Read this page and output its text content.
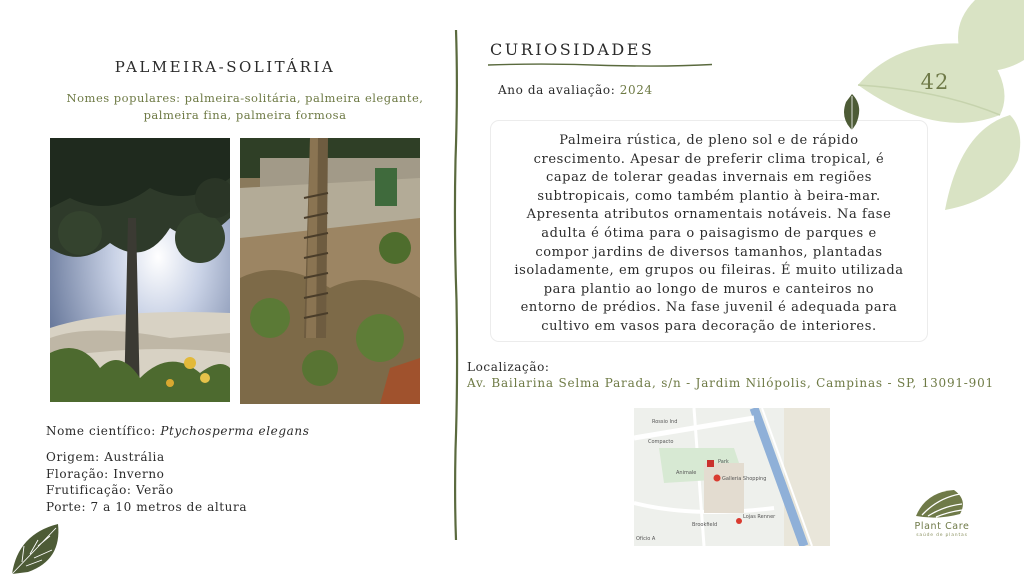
PALMEIRA-SOLITÁRIA
Nomes populares: palmeira-solitária, palmeira elegante,
palmeira fina, palmeira formosa
Nome científico: Ptychosperma elegans
Origem: Austrália
Floração: Inverno
Frutificação: Verão
Porte: 7 a 10 metros de altura
CURIOSIDADES
Ano da avaliação: 2024
Palmeira rústica, de pleno sol e de rápido
crescimento. Apesar de preferir clima tropical, é
capaz de tolerar geadas invernais em regiões
subtropicais, como também plantio à beira-mar.
Apresenta atributos ornamentais notáveis. Na fase
adulta é ótima para o paisagismo de parques e
compor jardins de diversos tamanhos, plantadas
isoladamente, em grupos ou fileiras. É muito utilizada
para plantio ao longo de muros e canteiros no
entorno de prédios. Na fase juvenil é adequada para
cultivo em vasos para decoração de interiores.
Localização:
Av. Bailarina Selma Parada, s/n - Jardim Nilópolis, Campinas - SP, 13091-901
Rossio Ind
Compacto
Park
Galleria Shopping
Animale
Lojas Renner
Brookfield
Ofício A
42
Plant Care
saúde de plantas
